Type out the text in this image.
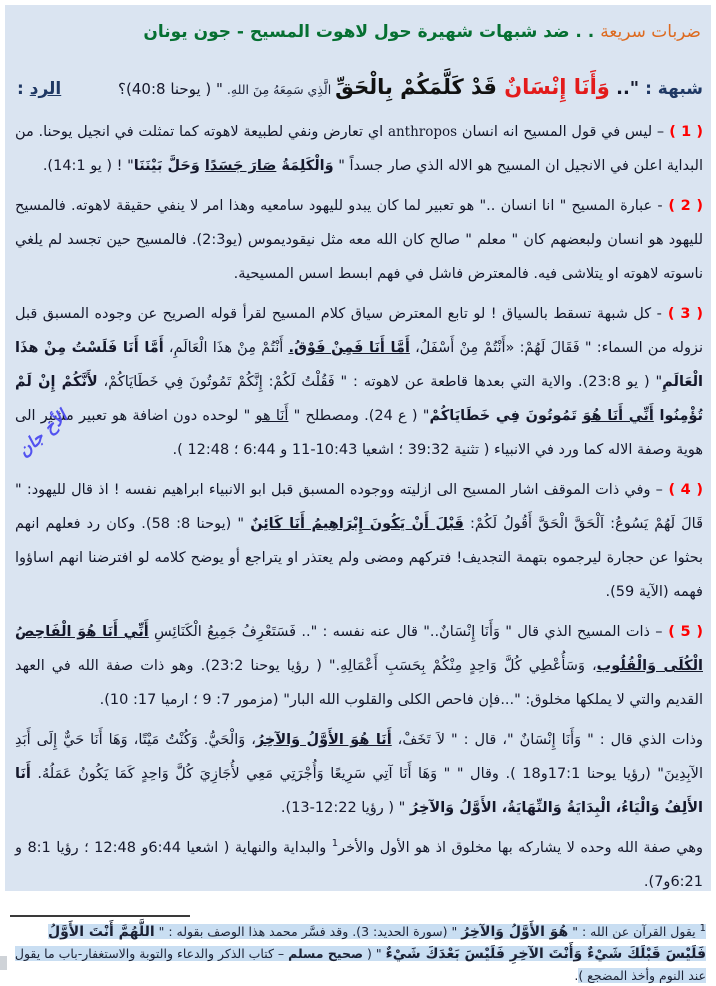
ضربات سريعة . . ضد شبهات شهيرة حول لاهوت المسيح - جون يونان
شبهة : ".. وَأَنَا إِنْسَانٌ قَدْ كَلَّمَكُمْ بِالْحَقِّ الَّذِي سَمِعَهُ مِنَ اللهِ. " ( يوحنا 40:8)؟
الرد :
( 1 ) – ليس في قول المسيح انه انسان anthropos اي تعارض ونفي لطبيعة لاهوته كما تمثلت في انجيل يوحنا. من البداية اعلن في الانجيل ان المسيح هو الاله الذي صار جسداً " وَالْكَلِمَةُ صَارَ جَسَدًا وَحَلَّ بَيْنَنَا" ! ( يو 14:1).
( 2 ) - عبارة المسيح " انا انسان .." هو تعبير لما كان يبدو لليهود سامعيه وهذا امر لا ينفي حقيقة لاهوته. فالمسيح لليهود هو انسان ولبعضهم كان " معلم " صالح كان الله معه مثل نيقوديموس (يو2:3). فالمسيح حين تجسد لم يلغي ناسوته لاهوته او يتلاشى فيه. فالمعترض فاشل في فهم ابسط اسس المسيحية.
( 3 ) - كل شبهة تسقط بالسياق ! لو تابع المعترض سياق كلام المسيح لقرأ قوله الصريح عن وجوده المسبق قبل نزوله من السماء: " فَقَالَ لَهُمْ: «أَنْتُمْ مِنْ أَسْفَلُ، أَمَّا أَنَا فَمِنْ فَوْقُ. أَنْتُمْ مِنْ هذَا الْعَالَمِ، أَمَّا أَنَا فَلَسْتُ مِنْ هذَا الْعَالَمِ" ( يو 23:8). والاية التي بعدها قاطعة عن لاهوته : " فَقُلْتُ لَكُمْ: إِنَّكُمْ تَمُوتُونَ فِي خَطَايَاكُمْ، لأَنَّكُمْ إِنْ لَمْ تُؤْمِنُوا أَنِّي أَنَا هُوَ تَمُوتُونَ فِي خَطَايَاكُمْ" ( ع 24). ومصطلح " أَنَا هو " لوحده دون اضافة هو تعبير مشير الى هوية وصفة الاله كما ورد في الانبياء ( تثنية 39:32 ؛ اشعيا 10:43-11 و 6:44 ؛ 12:48 ).
( 4 ) – وفي ذات الموقف اشار المسيح الى ازليته ووجوده المسبق قبل ابو الانبياء ابراهيم نفسه ! اذ قال لليهود: " قَالَ لَهُمْ يَسُوعُ: اَلْحَقَّ الْحَقَّ أَقُولُ لَكُمْ: قَبْلَ أَنْ يَكُونَ إِبْرَاهِيمُ أَنَا كَائِنٌ " (يوحنا 8: 58). وكان رد فعلهم انهم بحثوا عن حجارة ليرجموه بتهمة التجديف! فتركهم ومضى ولم يعتذر او يتراجع أو يوضح كلامه لو افترضنا انهم اساؤوا فهمه (الآية 59).
( 5 ) – ذات المسيح الذي قال " وَأَنَا إِنْسَانٌ.." قال عنه نفسه : ".. فَسَتَعْرِفُ جَمِيعُ الْكَنَائِسِ أَنِّي أَنَا هُوَ الْفَاحِصُ الْكُلَى وَالْقُلُوب، وَسَأُعْطِي كُلَّ وَاحِدٍ مِنْكُمْ بِحَسَبِ أَعْمَالِهِ." ( رؤيا يوحنا 23:2). وهو ذات صفة الله في العهد القديم والتي لا يملكها مخلوق: "...فإن فاحص الكلى والقلوب الله البار" (مزمور 7: 9 ؛ ارميا 17: 10).
وذات الذي قال : " وَأَنَا إِنْسَانٌ "، قال : " لاَ تَخَفْ، أَنَا هُوَ الأَوَّلُ وَالآخِرُ، وَالْحَيُّ. وَكُنْتُ مَيْتًا، وَهَا أَنَا حَيٌّ إِلَى أَبَدِ الآبِدِينَ" (رؤيا يوحنا 17:1و18 ). وقال " " وَهَا أَنَا آتِي سَرِيعًا وَأُجْرَتِي مَعِي لأُجَازِيَ كُلَّ وَاحِدٍ كَمَا يَكُونُ عَمَلُهُ. أَنَا الأَلِفُ وَالْيَاءُ، الْبِدَايَةُ وَالنِّهَايَةُ، الأَوَّلُ وَالآخِرُ " ( رؤيا 12:22-13).
وهي صفة الله وحده لا يشاركه بها مخلوق اذ هو الأول والأخر$^1$ والبداية والنهاية ( اشعيا 6:44و 12:48 ؛ رؤيا 8:1 و 6:21و7).
الأخ جان
$^1$ يقول القرآن عن الله : " هُوَ الأَوَّلُ وَالآخِرُ " (سورة الحديد: 3). وقد فسَّر محمد هذا الوصف بقوله : " اللَّهُمَّ أَنْتَ الأَوَّلُ فَلَيْسَ قَبْلَكَ شَيْءٌ وَأَنْتَ الآخِرِ فَلَيْسَ بَعْدَكَ شَيْءٌ " ( صحيح مسلم – كتاب الذكر والدعاء والتوبة والاستغفار-باب ما يقول عند النوم وأخذ المضجع ).
